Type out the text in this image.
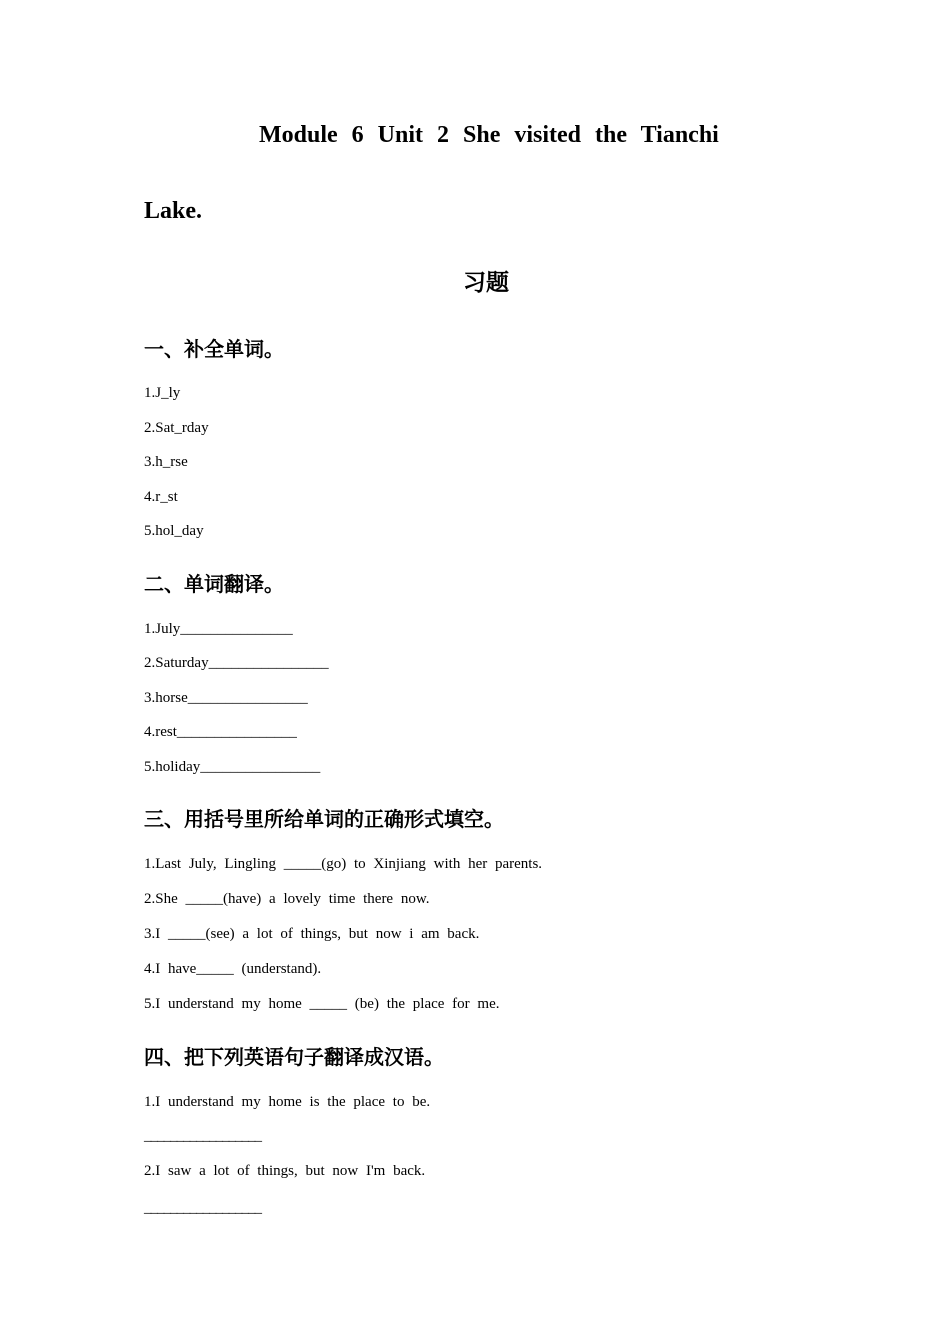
Module 6 Unit 2 She visited the Tianchi
Lake.
习题
一、补全单词。
1.J_ly
2.Sat_rday
3.h_rse
4.r_st
5.hol_day
二、单词翻译。
1.July_______________
2.Saturday________________
3.horse________________
4.rest________________
5.holiday________________
三、用括号里所给单词的正确形式填空。
1.Last July, Lingling _____(go) to Xinjiang with her parents.
2.She _____(have) a lovely time there now.
3.I _____(see) a lot of things, but now i am back.
4.I have_____ (understand).
5.I understand my home _____ (be) the place for me.
四、把下列英语句子翻译成汉语。
1.I understand my home is the place to be.
__________________
2.I saw a lot of things, but now I'm back.
__________________
